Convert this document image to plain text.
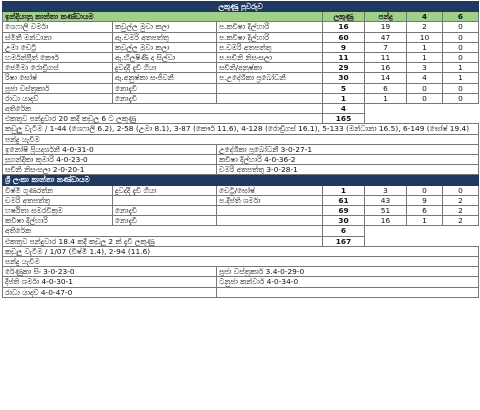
ලකුණු පුවරුව						
ඉන්දියානු කාන්තා කණ්ඩායම			ලකුණු	පන්දු	4	6
ශෙෆාලි වර්මා	කවුල්ල මුවා කලා	ප.කවිෂා දිල්හාරි	16	19	2	0
ස්මිතී මන්ධානා	ඇ.චමරි අතපත්තු	ප.කවිෂා දිල්හාරි	60	47	10	0
උමා චෙට්‍රි	කවුල්ල මුවා කලා	ප.චමරි අතපත්තු	9	7	1	0
හර්මන්ප්‍රීත් කෞර්	ඇ.හිලෂිණි ද සිල්වා	ප.සචිනි නිසංසලා	11	11	1	0
ජෙමීමා රොඩ්‍රිගස්	දුවද්දී දැවී ගියා	සචිනි/අනුෂ්කා	29	16	3	1
රිෂා ඝෝෂ්	ඇ.අනුෂ්කා සංජීවනී	ප.උදේශිකා ප්‍රබෝධනී	30	14	4	1
පූජා වස්ත්‍රකාර්	නොදැවී		5	6	0	0
රාධා යාදව්	නොදැවී		1	1	0	0
අතිරේක			4			
එකතුව පන්දුවාර 20 කදී කඩුලු 6 ට ලකුණු			165			
කඩුලු වැටීම / 1-44 (ශෙෆාලි 6.2), 2-58 (උමා 8.1), 3-87 (කෞර් 11.6), 4-128 (රොඩ්‍රිගස් 16.1), 5-133 (මන්ධානා 16.5), 6-149 (ඝෝෂ් 19.4)						
පන්දු යැවීම						
ඉනෝෂි ප්‍රියදර්ශනී 4-0-31-0		උදේශිකා ප්‍රබෝධනී 3-0-27-1				
සුගන්දිකා කුමාරි 4-0-23-0		කවිෂා දිල්හාරි 4-0-36-2				
සචිනි නිසංසලා 2-0-20-1		චමරි අතපත්තු 3-0-28-1				
ශ්‍රී ලංකා කාන්තා කණ්ඩායම						
විෂ්මි ගුණරත්න	දුවද්දී දැවී ගියා	චෙට්‍රි/ඝෝෂ්	1	3	0	0
චමරි අතපත්තු		ප.දීප්ති ශර්මා	61	43	9	2
හර්ෂිතා සමරවික්‍රම	නොදැවී		69	51	6	2
කවිෂා දිල්හාරි	නොදැවී		30	16	1	2
අතිරේක			6			
එකතුව පන්දුවාර 18.4 කදී කඩුලු 2 ක් දැවී ලකුණු			167			
කඩුලු වැටීම / 1/07 (විෂ්මි 1.4), 2-94 (11.6)						
පන්දු යැවීම						
රේණුකා සිං 3-0-23-0		පූජා වස්ත්‍රකාර් 3.4-0-29-0				
දීප්ති ශර්මා 4-0-30-1		ටනුජා කන්වාර් 4-0-34-0				
රාධා යාදව් 4-0-47-0						
